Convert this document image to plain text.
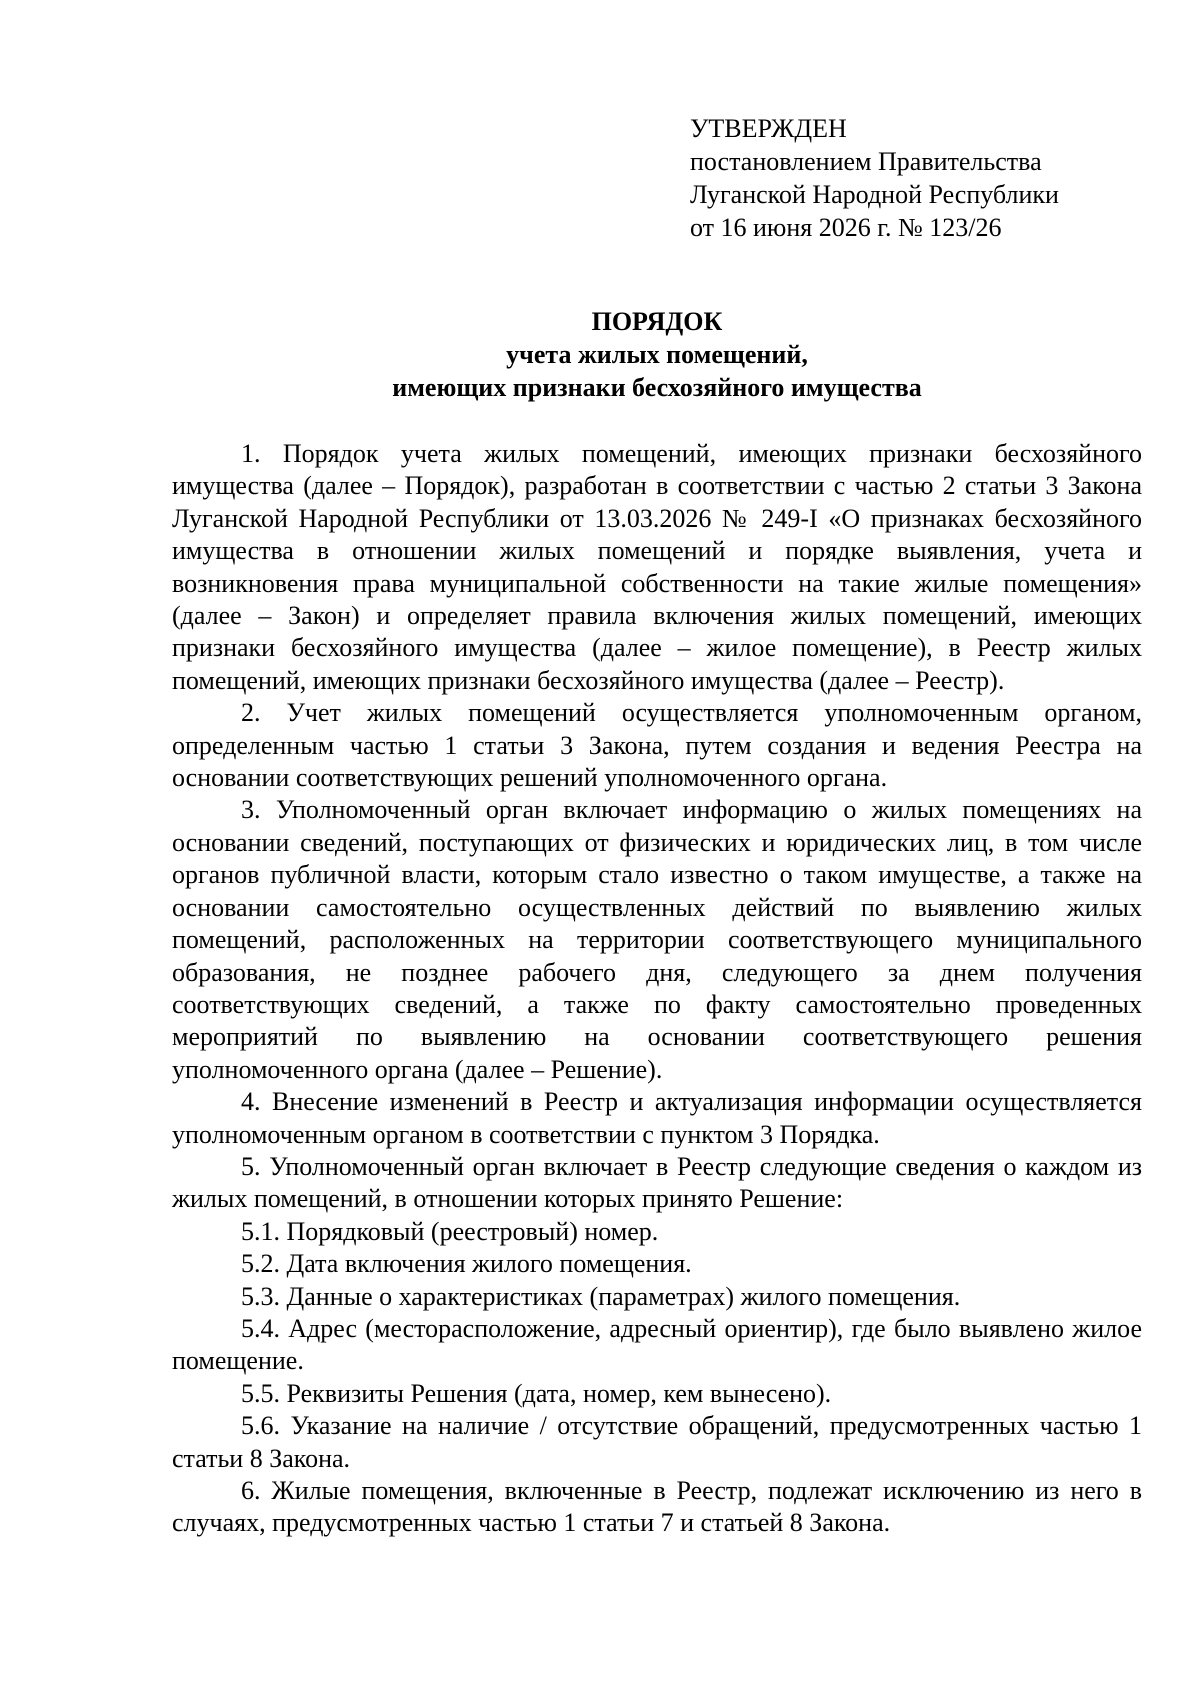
УТВЕРЖДЕН
постановлением Правительства
Луганской Народной Республики
от 16 июня 2026 г. № 123/26
ПОРЯДОК
учета жилых помещений,
имеющих признаки бесхозяйного имущества

1. Порядок учета жилых помещений, имеющих признаки бесхозяйного имущества (далее – Порядок), разработан в соответствии с частью 2 статьи 3 Закона Луганской Народной Республики от 13.03.2026 № 249-I «О признаках бесхозяйного имущества в отношении жилых помещений и порядке выявления, учета и возникновения права муниципальной собственности на такие жилые помещения» (далее – Закон) и определяет правила включения жилых помещений, имеющих признаки бесхозяйного имущества (далее – жилое помещение), в Реестр жилых помещений, имеющих признаки бесхозяйного имущества (далее – Реестр).

2. Учет жилых помещений осуществляется уполномоченным органом, определенным частью 1 статьи 3 Закона, путем создания и ведения Реестра на основании соответствующих решений уполномоченного органа.

3. Уполномоченный орган включает информацию о жилых помещениях на основании сведений, поступающих от физических и юридических лиц, в том числе органов публичной власти, которым стало известно о таком имуществе, а также на основании самостоятельно осуществленных действий по выявлению жилых помещений, расположенных на территории соответствующего муниципального образования, не позднее рабочего дня, следующего за днем получения соответствующих сведений, а также по факту самостоятельно проведенных мероприятий по выявлению на основании соответствующего решения уполномоченного органа (далее – Решение).

4. Внесение изменений в Реестр и актуализация информации осуществляется уполномоченным органом в соответствии с пунктом 3 Порядка.

5. Уполномоченный орган включает в Реестр следующие сведения о каждом из жилых помещений, в отношении которых принято Решение:

5.1. Порядковый (реестровый) номер.

5.2. Дата включения жилого помещения.

5.3. Данные о характеристиках (параметрах) жилого помещения.

5.4. Адрес (месторасположение, адресный ориентир), где было выявлено жилое помещение.

5.5. Реквизиты Решения (дата, номер, кем вынесено).

5.6. Указание на наличие / отсутствие обращений, предусмотренных частью 1 статьи 8 Закона.

6. Жилые помещения, включенные в Реестр, подлежат исключению из него в случаях, предусмотренных частью 1 статьи 7 и статьей 8 Закона.
